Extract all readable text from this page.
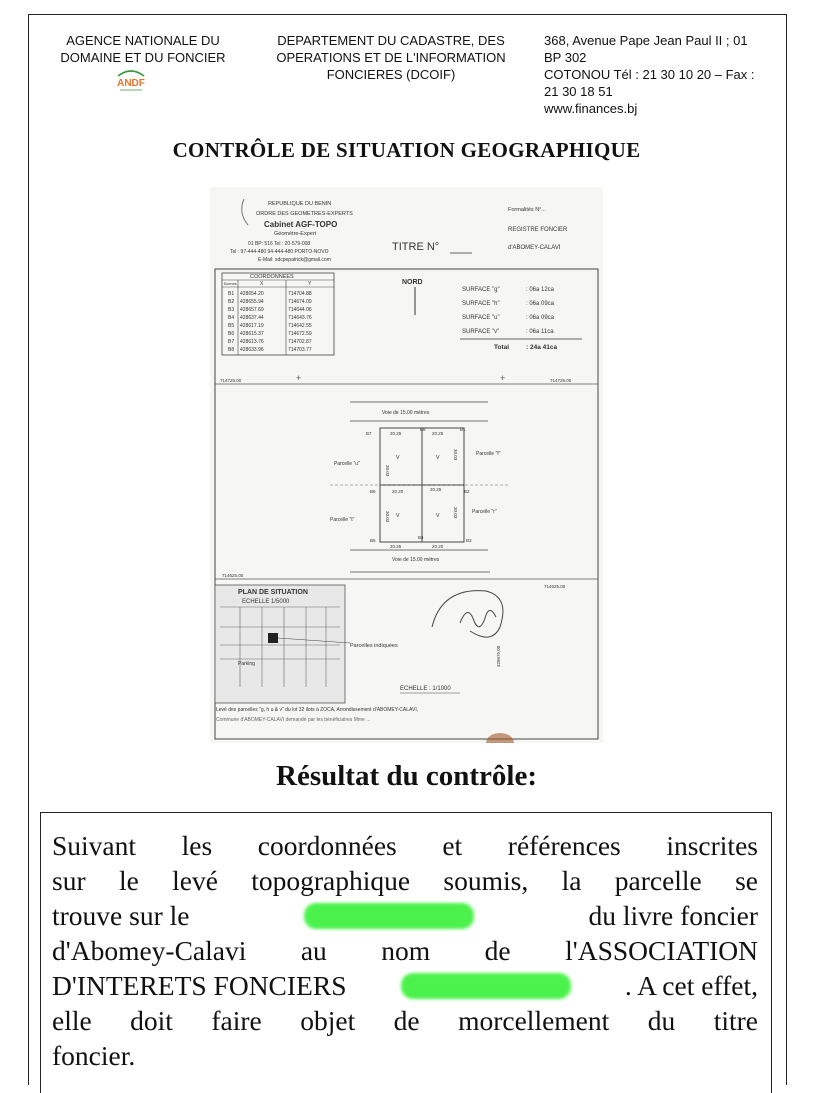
AGENCE NATIONALE DU
DOMAINE ET DU FONCIER
ANDF
DEPARTEMENT DU CADASTRE, DES
OPERATIONS ET DE L'INFORMATION
FONCIERES (DCOIF)
368, Avenue Pape Jean Paul II ; 01
BP 302
COTONOU Tél : 21 30 10 20 – Fax :
21 30 18 51
www.finances.bj
CONTRÔLE DE SITUATION GEOGRAPHIQUE
REPUBLIQUE DU BENIN
ORDRE DES GEOMETRES-EXPERTS
Cabinet AGF-TOPO
Géomètre-Expert
01 BP: 516 Tel : 20-579-008
Tel : 97-444-480 94-444-480 PORTO-NOVO
E-Mail: sdcpepatrick@gmail.com
TITRE N°
Formalités N°...
REGISTRE FONCIER
d'ABOMEY-CALAVI
COORDONNEES
Bornes	X	Y
B1 428654.20	714704.88
B2 428655.94	714674.09
B3 428657.69	714644.06
B4 428637.44	714643.76
B5 428617.19	714642.55
B6 428615.37	714672.59
B7 428613.76	714702.87
B8 428633.96	714703.77
NORD
SURFACE "g"	: 06a 12ca
SURFACE "h"	: 06a 09ca
SURFACE "u"	: 06a 09ca
SURFACE "v"	: 06a 11ca
Total	: 24a 41ca
714725.00	714725.00
+
+
714625.00
714625.00
428675.00
Voie de 15.00 mètres
B7
B8	B1
B6	B2
B5
B4
B3
20.25	20.25
30.03
30.03
20.20	20.25
30.03	30.03
20.25	20.20
v	v
v	v
Parcelle "u"
Parcelle "t"
Parcelle "f"
Parcelle "r"
Voie de 15.00 mètres
PLAN DE SITUATION
ECHELLE 1/5000
Parking
Parcelles indiquées
ECHELLE : 1/1000
Levé des parcelles "g, h u & v" du lot 32 ilots à ZOCA, Arrondissement d'ABOMEY-CALAVI,
Commune d'ABOMEY-CALAVI demandé par les bénéficiaires Mme ...
Résultat du contrôle:
Suivant les coordonnées et références inscrites
sur le levé topographique soumis, la parcelle se
trouve sur le	du livre foncier
d'Abomey-Calavi au nom de l'ASSOCIATION
D'INTERETS FONCIERS	. A cet effet,
elle doit faire objet de morcellement du titre
foncier.
